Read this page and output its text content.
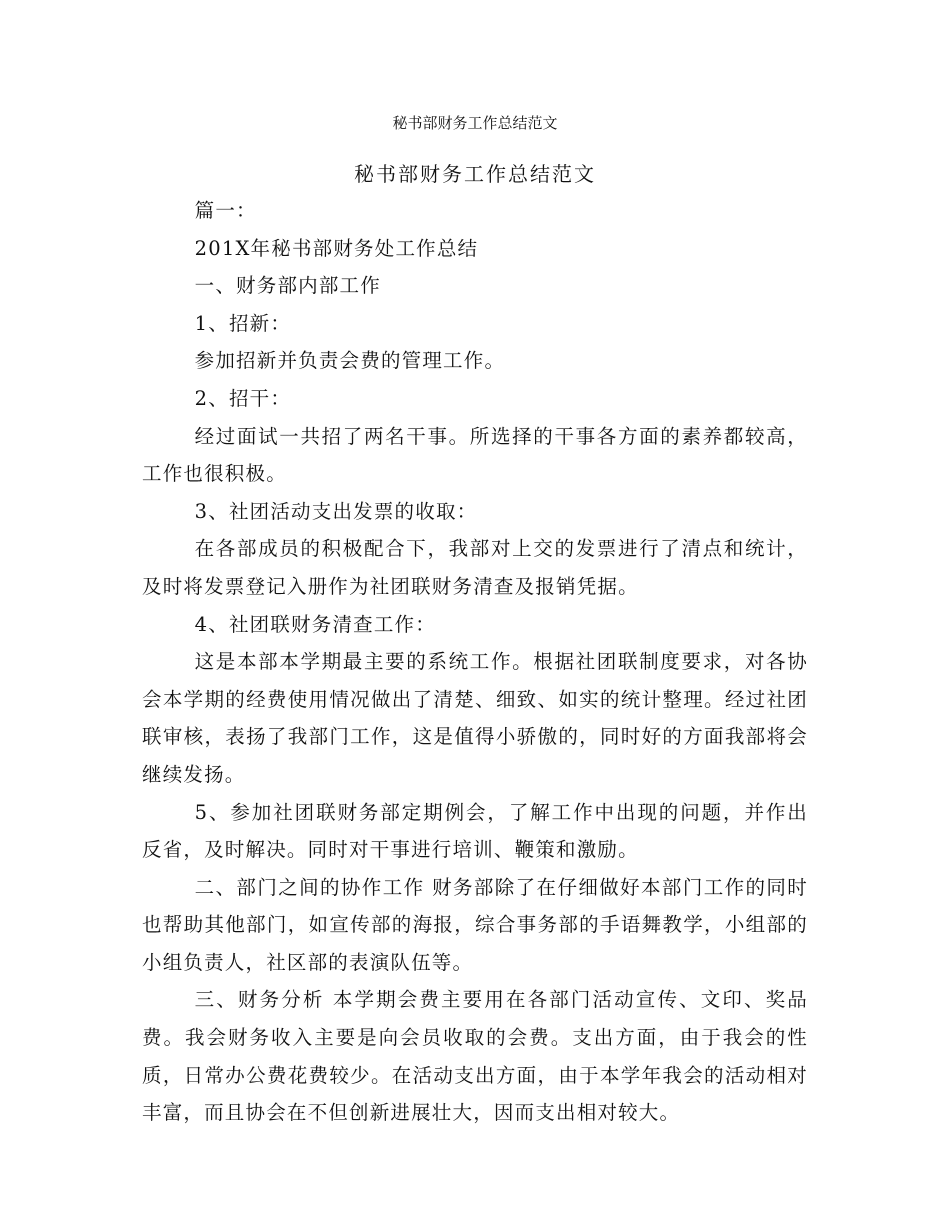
秘书部财务工作总结范文
秘书部财务工作总结范文

篇一：

201X年秘书部财务处工作总结

一、财务部内部工作

1、招新：

参加招新并负责会费的管理工作。

2、招干：

经过面试一共招了两名干事。所选择的干事各方面的素养都较高，工作也很积极。

3、社团活动支出发票的收取：

在各部成员的积极配合下，我部对上交的发票进行了清点和统计，及时将发票登记入册作为社团联财务清查及报销凭据。

4、社团联财务清查工作：

这是本部本学期最主要的系统工作。根据社团联制度要求，对各协会本学期的经费使用情况做出了清楚、细致、如实的统计整理。经过社团联审核，表扬了我部门工作，这是值得小骄傲的，同时好的方面我部将会继续发扬。

5、参加社团联财务部定期例会，了解工作中出现的问题，并作出反省，及时解决。同时对干事进行培训、鞭策和激励。

二、部门之间的协作工作 财务部除了在仔细做好本部门工作的同时也帮助其他部门，如宣传部的海报，综合事务部的手语舞教学，小组部的小组负责人，社区部的表演队伍等。

三、财务分析 本学期会费主要用在各部门活动宣传、文印、奖品费。我会财务收入主要是向会员收取的会费。支出方面，由于我会的性质，日常办公费花费较少。在活动支出方面，由于本学年我会的活动相对丰富，而且协会在不但创新进展壮大，因而支出相对较大。
